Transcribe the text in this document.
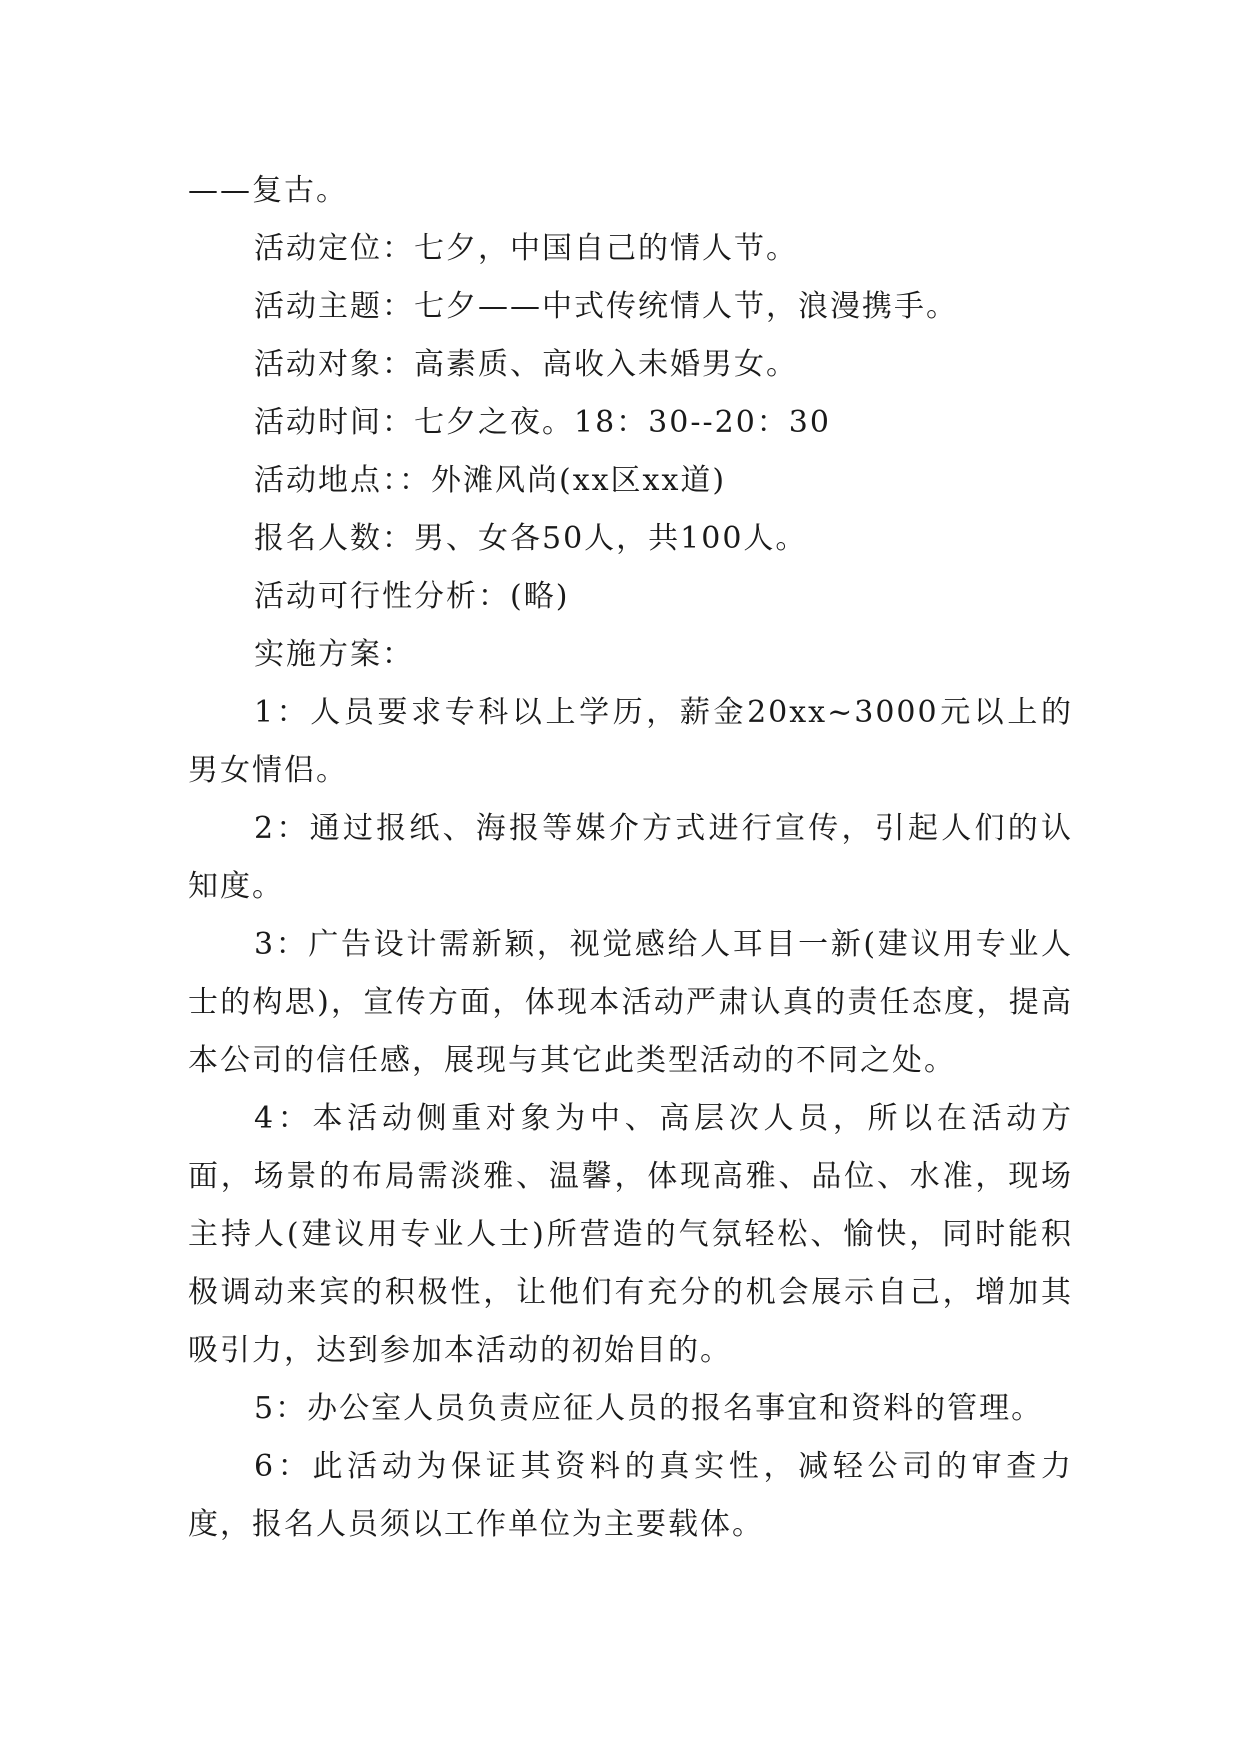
——复古。

活动定位：七夕，中国自己的情人节。

活动主题：七夕——中式传统情人节，浪漫携手。

活动对象：高素质、高收入未婚男女。

活动时间：七夕之夜。18：30--20：30

活动地点：：外滩风尚(xx区xx道)

报名人数：男、女各50人，共100人。

活动可行性分析：(略)

实施方案：

1：人员要求专科以上学历，薪金20xx~3000元以上的男女情侣。

2：通过报纸、海报等媒介方式进行宣传，引起人们的认知度。

3：广告设计需新颖，视觉感给人耳目一新(建议用专业人士的构思)，宣传方面，体现本活动严肃认真的责任态度，提高本公司的信任感，展现与其它此类型活动的不同之处。

4：本活动侧重对象为中、高层次人员，所以在活动方面，场景的布局需淡雅、温馨，体现高雅、品位、水准，现场主持人(建议用专业人士)所营造的气氛轻松、愉快，同时能积极调动来宾的积极性，让他们有充分的机会展示自己，增加其吸引力，达到参加本活动的初始目的。

5：办公室人员负责应征人员的报名事宜和资料的管理。

6：此活动为保证其资料的真实性，减轻公司的审查力度，报名人员须以工作单位为主要载体。
